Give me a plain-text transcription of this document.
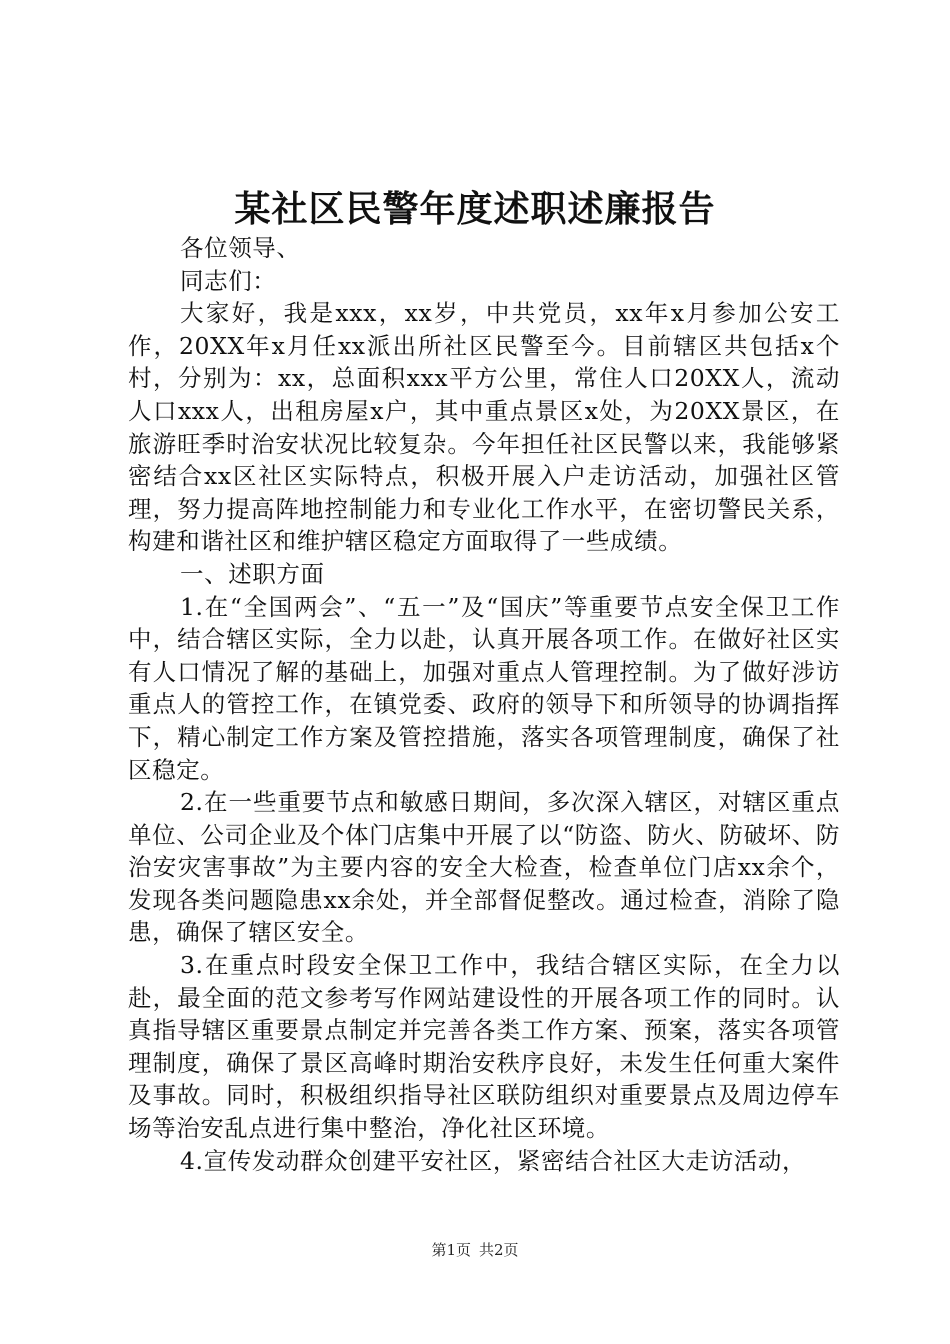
某社区民警年度述职述廉报告

各位领导、

同志们：

大家好，我是xxx，xx岁，中共党员，xx年x月参加公安工作，20XX年x月任xx派出所社区民警至今。目前辖区共包括x个村，分别为：xx，总面积xxx平方公里，常住人口20XX人，流动人口xxx人，出租房屋x户，其中重点景区x处，为20XX景区，在旅游旺季时治安状况比较复杂。今年担任社区民警以来，我能够紧密结合xx区社区实际特点，积极开展入户走访活动，加强社区管理，努力提高阵地控制能力和专业化工作水平，在密切警民关系，构建和谐社区和维护辖区稳定方面取得了一些成绩。

一、述职方面

1.在“全国两会”、“五一”及“国庆”等重要节点安全保卫工作中，结合辖区实际，全力以赴，认真开展各项工作。在做好社区实有人口情况了解的基础上，加强对重点人管理控制。为了做好涉访重点人的管控工作，在镇党委、政府的领导下和所领导的协调指挥下，精心制定工作方案及管控措施，落实各项管理制度，确保了社区稳定。

2.在一些重要节点和敏感日期间，多次深入辖区，对辖区重点单位、公司企业及个体门店集中开展了以“防盗、防火、防破坏、防治安灾害事故”为主要内容的安全大检查，检查单位门店xx余个，发现各类问题隐患xx余处，并全部督促整改。通过检查，消除了隐患，确保了辖区安全。

3.在重点时段安全保卫工作中，我结合辖区实际，在全力以赴，最全面的范文参考写作网站建设性的开展各项工作的同时。认真指导辖区重要景点制定并完善各类工作方案、预案，落实各项管理制度，确保了景区高峰时期治安秩序良好，未发生任何重大案件及事故。同时，积极组织指导社区联防组织对重要景点及周边停车场等治安乱点进行集中整治，净化社区环境。

4.宣传发动群众创建平安社区，紧密结合社区大走访活动，

第1页 共2页
